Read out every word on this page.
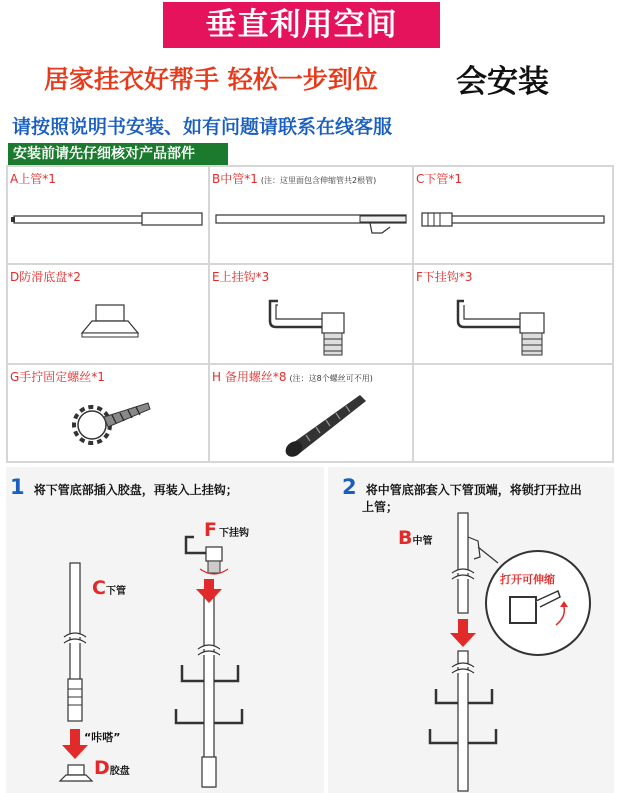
垂直利用空间
居家挂衣好帮手 轻松一步到位	会安装
请按照说明书安装、如有问题请联系在线客服
安装前请先仔细核对产品部件
A上管*1	B中管*1 (注：这里面包含伸缩管共2根管)	C下管*1
D防滑底盘*2	E上挂钩*3	F下挂钩*3
G手拧固定螺丝*1	H 备用螺丝*8 (注：这8个螺丝可不用)
1 将下管底部插入胶盘，再装入上挂钩；
C下管
F下挂钩
“咔嗒”
D胶盘
2 将中管底部套入下管顶端，将锁打开拉出
上管；
B中管
打开可伸缩
